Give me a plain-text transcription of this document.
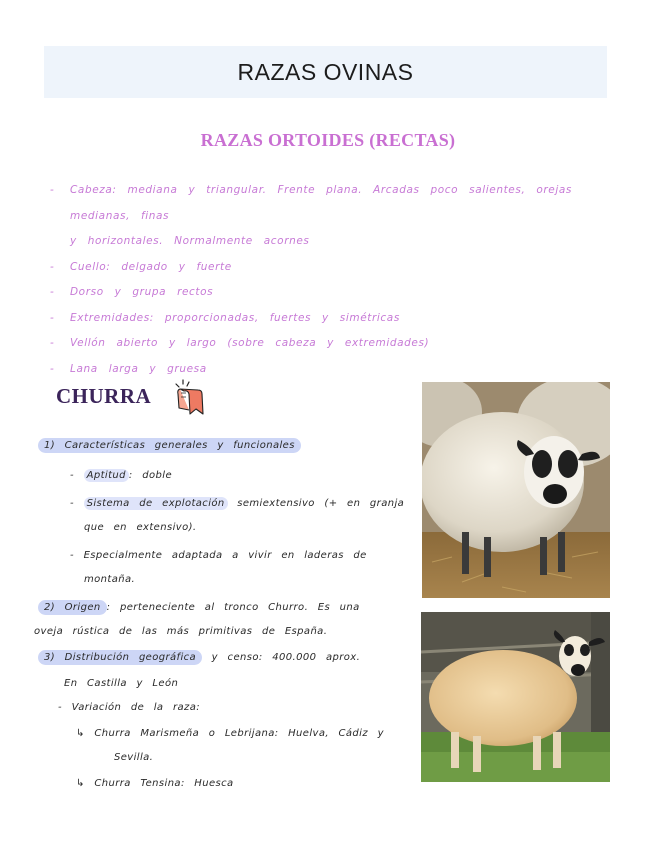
RAZAS OVINAS
RAZAS ORTOIDES (RECTAS)
-	Cabeza: mediana y triangular. Frente plana. Arcadas poco salientes, orejas medianas, finas
y horizontales. Normalmente acornes
-	Cuello: delgado y fuerte
-	Dorso y grupa rectos
-	Extremidades: proporcionadas, fuertes y simétricas
-	Vellón abierto y largo (sobre cabeza y extremidades)
-	Lana larga y gruesa
CHURRA
1) Características generales y funcionales
- Aptitud : doble
- Sistema de explotación semiextensivo (+ en granja
que en extensivo).
- Especialmente adaptada a vivir en laderas de
montaña.
2) Origen : perteneciente al tronco Churro. Es una
oveja rústica de las más primitivas de España.
3) Distribución geográfica y censo: 400.000 aprox.
En Castilla y León
- Variación de la raza:
↳ Churra Marismeña o Lebrijana: Huelva, Cádiz y
Sevilla.
↳ Churra Tensina: Huesca
